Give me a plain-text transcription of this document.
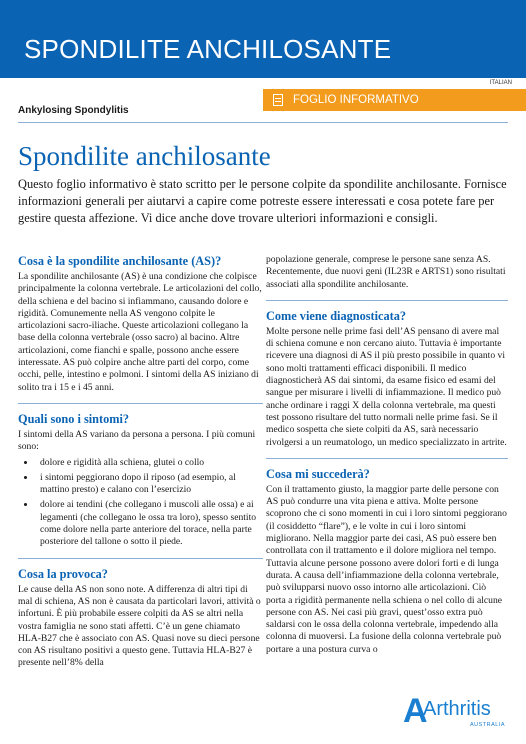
SPONDILITE ANCHILOSANTE
ITALIAN
Ankylosing Spondylitis
FOGLIO INFORMATIVO
Spondilite anchilosante
Questo foglio informativo è stato scritto per le persone colpite da spondilite anchilosante. Fornisce informazioni generali per aiutarvi a capire come potreste essere interessati e cosa potete fare per gestire questa affezione. Vi dice anche dove trovare ulteriori informazioni e consigli.
Cosa è la spondilite anchilosante (AS)?

La spondilite anchilosante (AS) è una condizione che colpisce principalmente la colonna vertebrale. Le articolazioni del collo, della schiena e del bacino si infiammano, causando dolore e rigidità. Comunemente nella AS vengono colpite le articolazioni sacro-iliache. Queste articolazioni collegano la base della colonna vertebrale (osso sacro) al bacino. Altre articolazioni, come fianchi e spalle, possono anche essere interessate. AS può colpire anche altre parti del corpo, come occhi, pelle, intestino e polmoni. I sintomi della AS iniziano di solito tra i 15 e i 45 anni.

Quali sono i sintomi?

I sintomi della AS variano da persona a persona. I più comuni sono:

• dolore e rigidità alla schiena, glutei o collo
• i sintomi peggiorano dopo il riposo (ad esempio, al mattino presto) e calano con l’esercizio
• dolore ai tendini (che collegano i muscoli alle ossa) e ai legamenti (che collegano le ossa tra loro), spesso sentito come dolore nella parte anteriore del torace, nella parte posteriore del tallone o sotto il piede.
Cosa la provoca?

Le cause della AS non sono note. A differenza di altri tipi di mal di schiena, AS non è causata da particolari lavori, attività o infortuni. È più probabile essere colpiti da AS se altri nella vostra famiglia ne sono stati affetti. C’è un gene chiamato HLA-B27 che è associato con AS. Quasi nove su dieci persone con AS risultano positivi a questo gene. Tuttavia HLA-B27 è presente nell’8% della

popolazione generale, comprese le persone sane senza AS. Recentemente, due nuovi geni (IL23R e ARTS1) sono risultati associati alla spondilite anchilosante.

Come viene diagnosticata?

Molte persone nelle prime fasi dell’AS pensano di avere mal di schiena comune e non cercano aiuto. Tuttavia è importante ricevere una diagnosi di AS il più presto possibile in quanto vi sono molti trattamenti efficaci disponibili. Il medico diagnosticherà AS dai sintomi, da esame fisico ed esami del sangue per misurare i livelli di infiammazione. Il medico può anche ordinare i raggi X della colonna vertebrale, ma questi test possono risultare del tutto normali nelle prime fasi. Se il medico sospetta che siete colpiti da AS, sarà necessario rivolgersi a un reumatologo, un medico specializzato in artrite.

Cosa mi succederà?

Con il trattamento giusto, la maggior parte delle persone con AS può condurre una vita piena e attiva. Molte persone scoprono che ci sono momenti in cui i loro sintomi peggiorano (il cosiddetto “flare”), e le volte in cui i loro sintomi migliorano. Nella maggior parte dei casi, AS può essere ben controllata con il trattamento e il dolore migliora nel tempo. Tuttavia alcune persone possono avere dolori forti e di lunga durata. A causa dell’infiammazione della colonna vertebrale, può svilupparsi nuovo osso intorno alle articolazioni. Ciò porta a rigidità permanente nella schiena o nel collo di alcune persone con AS. Nei casi più gravi, quest’osso extra può saldarsi con le ossa della colonna vertebrale, impedendo alla colonna di muoversi. La fusione della colonna vertebrale può portare a una postura curva o

A
Arthritis
AUSTRALIA
